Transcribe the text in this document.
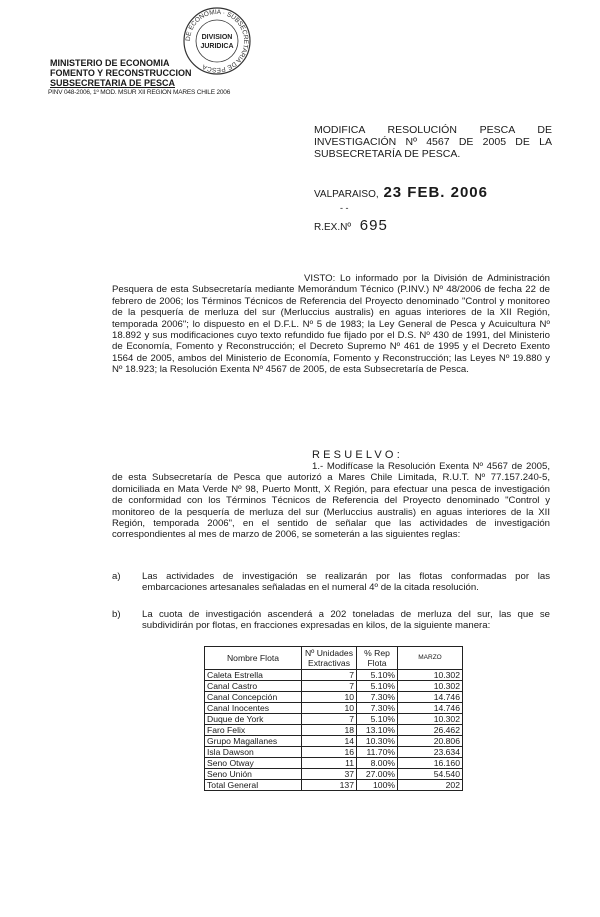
MINISTERIO DE ECONOMIA
FOMENTO Y RECONSTRUCCION
SUBSECRETARIA DE PESCA
PINV 048-2006, 1º MOD. MSUR XII REGION MARES CHILE 2006
DE ECONOMIA · SUBSECRETARIA DE PESCA
DIVISION
JURIDICA
MODIFICA RESOLUCIÓN PESCA DE INVESTIGACIÓN Nº 4567 DE 2005 DE LA SUBSECRETARÍA DE PESCA.
VALPARAISO, 23 FEB. 2006
- -
R.EX.Nº 695
VISTO: Lo informado por la División de Administración Pesquera de esta Subsecretaría mediante Memorándum Técnico (P.INV.) Nº 48/2006 de fecha 22 de febrero de 2006; los Términos Técnicos de Referencia del Proyecto denominado "Control y monitoreo de la pesquería de merluza del sur (Merluccius australis) en aguas interiores de la XII Región, temporada 2006"; lo dispuesto en el D.F.L. Nº 5 de 1983; la Ley General de Pesca y Acuicultura Nº 18.892 y sus modificaciones cuyo texto refundido fue fijado por el D.S. Nº 430 de 1991, del Ministerio de Economía, Fomento y Reconstrucción; el Decreto Supremo Nº 461 de 1995 y el Decreto Exento 1564 de 2005, ambos del Ministerio de Economía, Fomento y Reconstrucción; las Leyes Nº 19.880 y Nº 18.923; la Resolución Exenta Nº 4567 de 2005, de esta Subsecretaría de Pesca.
RESUELVO:
1.- Modifícase la Resolución Exenta Nº 4567 de 2005, de esta Subsecretaría de Pesca que autorizó a Mares Chile Limitada, R.U.T. Nº 77.157.240-5, domiciliada en Mata Verde Nº 98, Puerto Montt, X Región, para efectuar una pesca de investigación de conformidad con los Términos Técnicos de Referencia del Proyecto denominado "Control y monitoreo de la pesquería de merluza del sur (Merluccius australis) en aguas interiores de la XII Región, temporada 2006", en el sentido de señalar que las actividades de investigación correspondientes al mes de marzo de 2006, se someterán a las siguientes reglas:
a) Las actividades de investigación se realizarán por las flotas conformadas por las embarcaciones artesanales señaladas en el numeral 4º de la citada resolución.
b) La cuota de investigación ascenderá a 202 toneladas de merluza del sur, las que se subdividirán por flotas, en fracciones expresadas en kilos, de la siguiente manera:
Nombre Flota	Nº Unidades Extractivas	% Rep Flota	MARZO
Caleta Estrella	7	5.10%	10.302
Canal Castro	7	5.10%	10.302
Canal Concepción	10	7.30%	14.746
Canal Inocentes	10	7.30%	14.746
Duque de York	7	5.10%	10.302
Faro Felix	18	13.10%	26.462
Grupo Magallanes	14	10.30%	20.806
Isla Dawson	16	11.70%	23.634
Seno Otway	11	8.00%	16.160
Seno Unión	37	27.00%	54.540
Total General	137	100%	202
